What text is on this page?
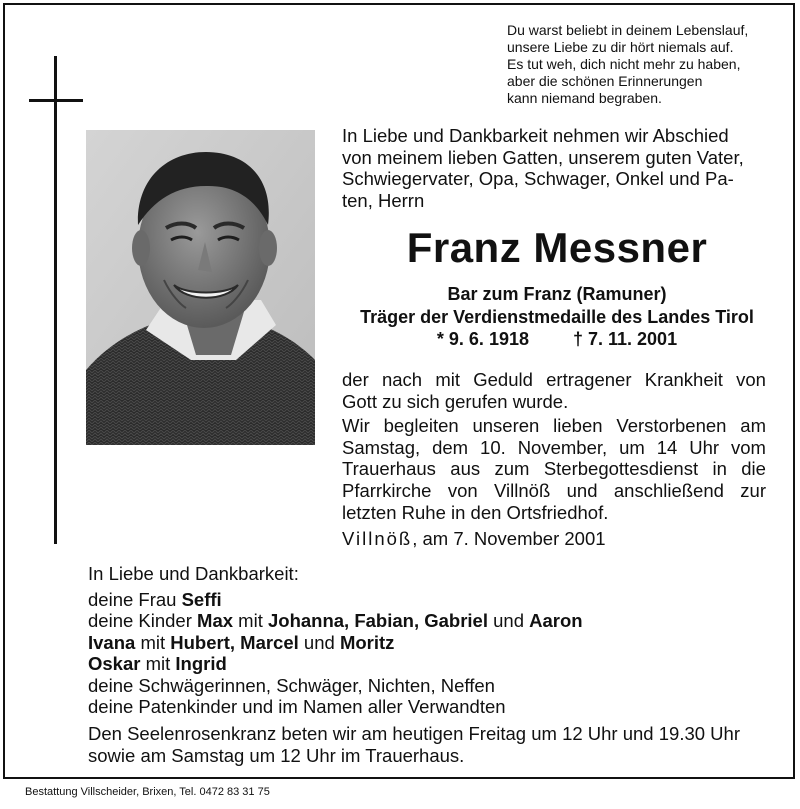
Du warst beliebt in deinem Lebenslauf,
unsere Liebe zu dir hört niemals auf.
Es tut weh, dich nicht mehr zu haben,
aber die schönen Erinnerungen
kann niemand begraben.
In Liebe und Dankbarkeit nehmen wir Abschied
von meinem lieben Gatten, unserem guten Vater,
Schwiegervater, Opa, Schwager, Onkel und Pa-
ten, Herrn
Franz Messner
Bar zum Franz (Ramuner)
Träger der Verdienstmedaille des Landes Tirol
* 9. 6. 1918 † 7. 11. 2001
der nach mit Geduld ertragener Krankheit von
Gott zu sich gerufen wurde.
Wir begleiten unseren lieben Verstorbenen am
Samstag, dem 10. November, um 14 Uhr vom
Trauerhaus aus zum Sterbegottesdienst in die
Pfarrkirche von Villnöß und anschließend zur
letzten Ruhe in den Ortsfriedhof.
Villnöß, am 7. November 2001
In Liebe und Dankbarkeit:
deine Frau Seffi
deine Kinder Max mit Johanna, Fabian, Gabriel und Aaron
Ivana mit Hubert, Marcel und Moritz
Oskar mit Ingrid
deine Schwägerinnen, Schwäger, Nichten, Neffen
deine Patenkinder und im Namen aller Verwandten
Den Seelenrosenkranz beten wir am heutigen Freitag um 12 Uhr und 19.30 Uhr
sowie am Samstag um 12 Uhr im Trauerhaus.
Bestattung Villscheider, Brixen, Tel. 0472 83 31 75
